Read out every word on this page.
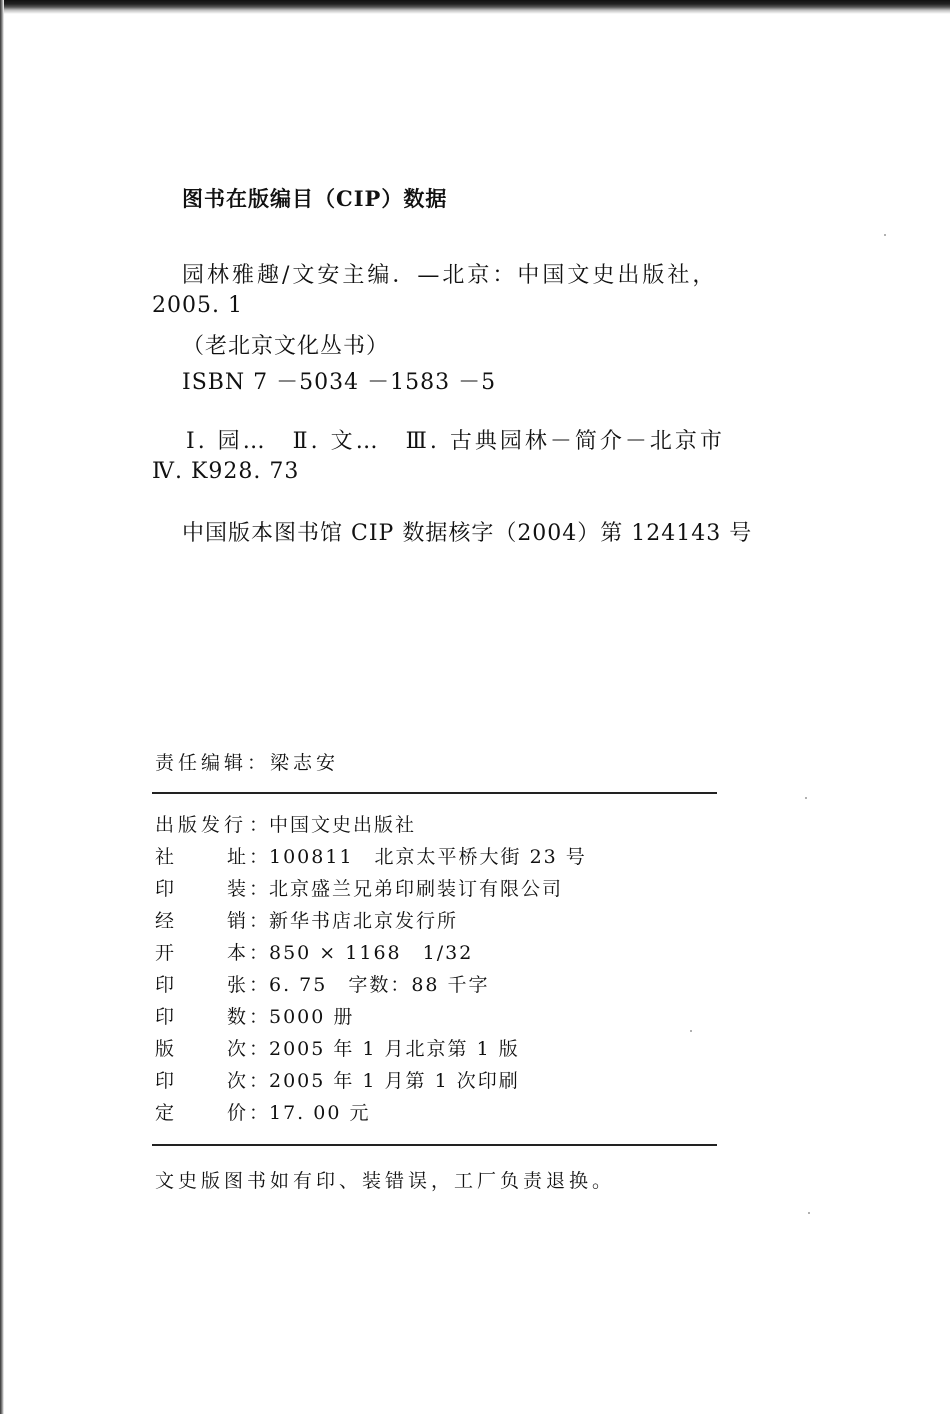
图书在版编目（CIP）数据
园林雅趣/文安主编．—北京：中国文史出版社，
2005. 1
（老北京文化丛书）
ISBN 7 －5034 －1583 －5
Ⅰ. 园…　Ⅱ. 文…　Ⅲ. 古典园林－简介－北京市
Ⅳ. K928. 73
中国版本图书馆 CIP 数据核字（2004）第 124143 号
责任编辑：梁志安
出版发行 ： 中国文史出版社
社	址 ： 100811　北京太平桥大街 23 号
印	装 ： 北京盛兰兄弟印刷装订有限公司
经	销 ： 新华书店北京发行所
开	本 ： 850 × 1168　1/32
印	张 ： 6. 75　字数：88 千字
印	数 ： 5000 册
版	次 ： 2005 年 1 月北京第 1 版
印	次 ： 2005 年 1 月第 1 次印刷
定	价 ： 17. 00 元
文史版图书如有印、装错误，工厂负责退换。
